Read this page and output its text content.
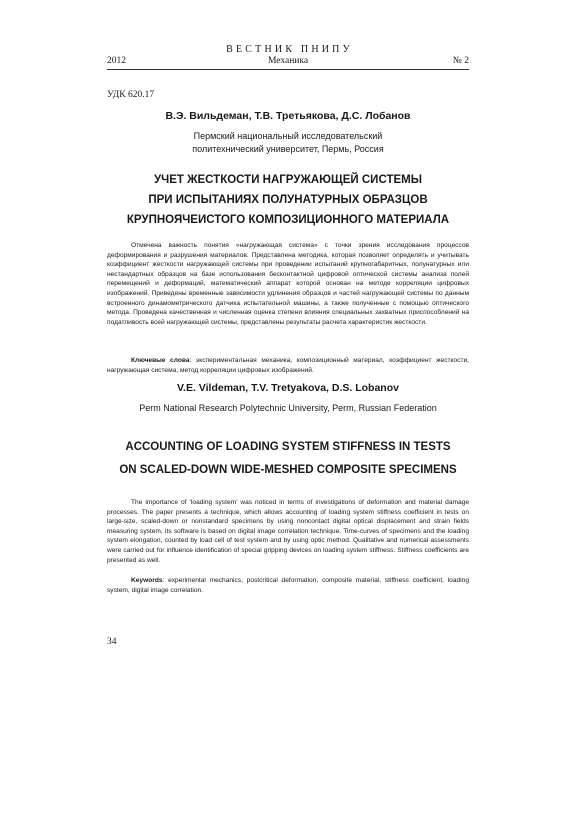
ВЕСТНИК ПНИПУ
2012	Механика	№ 2
УДК 620.17
В.Э. Вильдеман, Т.В. Третьякова, Д.С. Лобанов
Пермский национальный исследовательский
политехнический университет, Пермь, Россия
УЧЕТ ЖЕСТКОСТИ НАГРУЖАЮЩЕЙ СИСТЕМЫ
ПРИ ИСПЫТАНИЯХ ПОЛУНАТУРНЫХ ОБРАЗЦОВ
КРУПНОЯЧЕИСТОГО КОМПОЗИЦИОННОГО МАТЕРИАЛА

Отмечена важность понятия «нагружающая система» с точки зрения исследования процессов деформирования и разрушения материалов. Представлена методика, которая позволяет определять и учитывать коэффициент жесткости нагружающей системы при проведении испытаний крупногабаритных, полунатурных или нестандартных образцов на базе использования бесконтактной цифровой оптической системы анализа полей перемещений и деформаций, математический аппарат которой основан на методе корреляции цифровых изображений. Приведены временные зависимости удлинения образцов и частей нагружающей системы по данным встроенного динамометрического датчика испытательной машины, а также полученные с помощью оптического метода. Проведена качественная и численная оценка степени влияния специальных захватных приспособлений на податливость всей нагружающей системы, представлены результаты расчета характеристик жесткости.

Ключевые слова: экспериментальная механика, композиционный материал, коэффициент жесткости, нагружающая система, метод корреляции цифровых изображений.

V.E. Vildeman, T.V. Tretyakova, D.S. Lobanov
Perm National Research Polytechnic University, Perm, Russian Federation
ACCOUNTING OF LOADING SYSTEM STIFFNESS IN TESTS
ON SCALED-DOWN WIDE-MESHED COMPOSITE SPECIMENS

The importance of ‘loading system’ was noticed in terms of investigations of deformation and material damage processes. The paper presents a technique, which allows accounting of loading system stiffness coefficient in tests on large-size, scaled-down or nonstandard specimens by using noncontact digital optical displacement and strain fields measuring system, its software is based on digital image correlation technique. Time-curves of specimens and the loading system elongation, counted by load cell of test system and by using optic method. Qualitative and numerical assessments were carried out for influence identification of special gripping devices on loading system stiffness. Stiffness coefficients are presented as well.

Keywords: experimental mechanics, postcritical deformation, composite material, stiffness coefficient, loading system, digital image correlation.

34
